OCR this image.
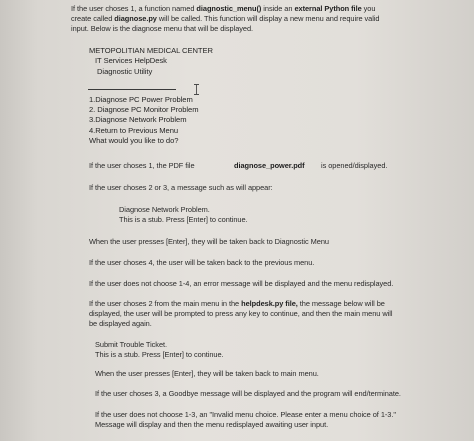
If the user choses 1, a function named diagnostic_menu() inside an external Python file you
create called diagnose.py will be called. This function will display a new menu and require valid
input. Below is the diagnose menu that will be displayed.
METOPOLITIAN MEDICAL CENTER
IT Services HelpDesk
Diagnostic Utility
1.Diagnose PC Power Problem
2. Diagnose PC Monitor Problem
3.Diagnose Network Problem
4.Return to Previous Menu
What would you like to do?
If the user choses 1, the PDF file	diagnose_power.pdf is opened/displayed.
If the user choses 2 or 3, a message such as will appear:
Diagnose Network Problem.
This is a stub. Press [Enter] to continue.
When the user presses [Enter], they will be taken back to Diagnostic Menu
If the user choses 4, the user will be taken back to the previous menu.
If the user does not choose 1-4, an error message will be displayed and the menu redisplayed.
If the user choses 2 from the main menu in the helpdesk.py file, the message below will be
displayed, the user will be prompted to press any key to continue, and then the main menu will
be displayed again.
Submit Trouble Ticket.
This is a stub. Press [Enter] to continue.
When the user presses [Enter], they will be taken back to main menu.
If the user choses 3, a Goodbye message will be displayed and the program will end/terminate.
If the user does not choose 1-3, an "Invalid menu choice. Please enter a menu choice of 1-3."
Message will display and then the menu redisplayed awaiting user input.
